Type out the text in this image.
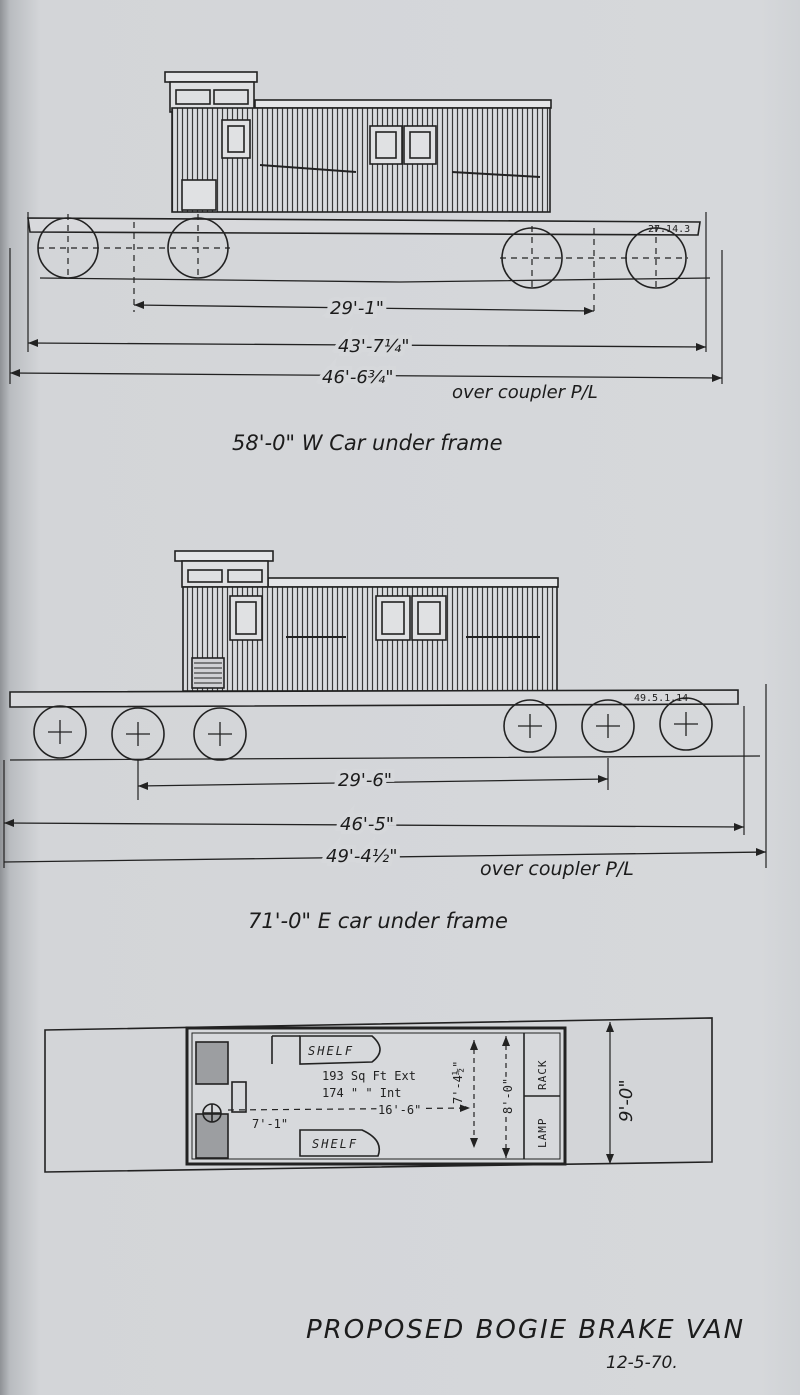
27.14.3
29'-1"
43'-7¼"
46'-6¾"
over coupler P/L
58'-0" W Car under frame
49.5.1.14
29'-6"
46'-5"
49'-4½"
over coupler P/L
71'-0" E car under frame
SHELF
SHELF
193 Sq Ft Ext
174 " " Int
16'-6"
7'-1"
7'-4½"	8'-0"
LAMP
RACK
9'-0"
PROPOSED BOGIE BRAKE VAN
12-5-70.
